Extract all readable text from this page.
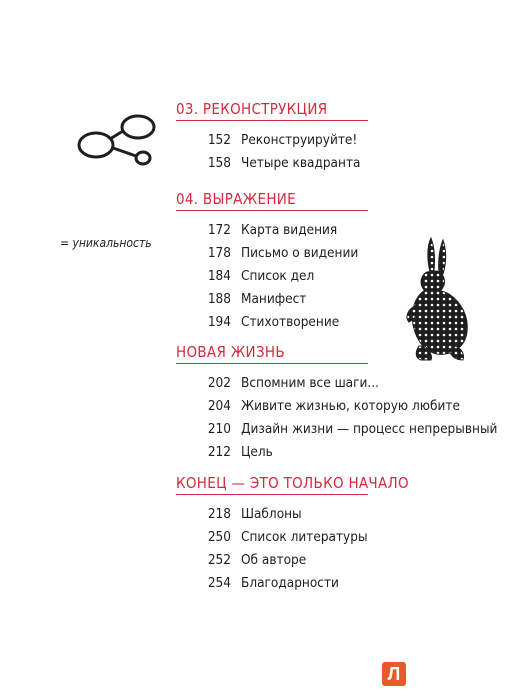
= уникальность
03. РЕКОНСТРУКЦИЯ
152 Реконструируйте!
158 Четыре квадранта
04. ВЫРАЖЕНИЕ
172 Карта видения
178 Письмо о видении
184 Список дел
188 Манифест
194 Стихотворение
НОВАЯ ЖИЗНЬ
202 Вспомним все шаги...
204 Живите жизнью, которую любите
210 Дизайн жизни — процесс непрерывный
212 Цель
КОНЕЦ — ЭТО ТОЛЬКО НАЧАЛО
218 Шаблоны
250 Список литературы
252 Об авторе
254 Благодарности
Л
